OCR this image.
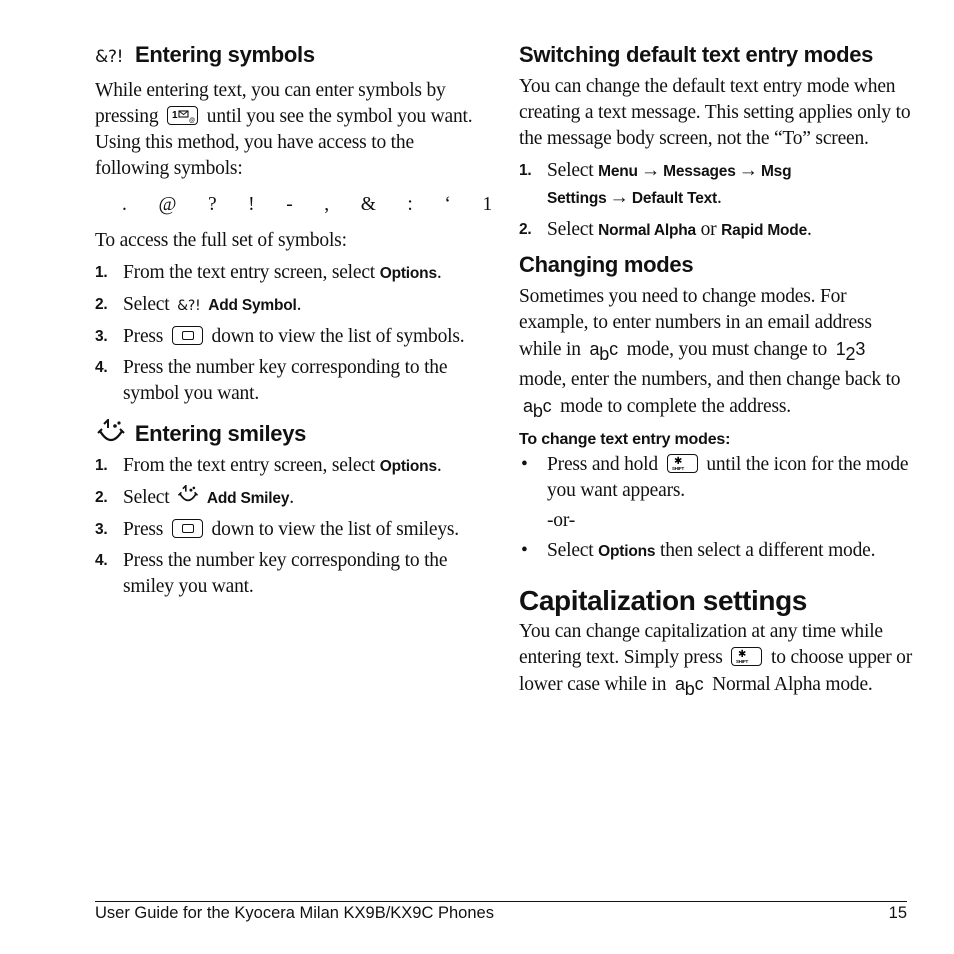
&?! Entering symbols

While entering text, you can enter symbols by pressing 1 @ until you see the symbol you want. Using this method, you have access to the following symbols:

. @ ? ! - , & : ‘ 1

To access the full set of symbols:

1. From the text entry screen, select Options.
2. Select &?! Add Symbol.
3. Press down to view the list of symbols.
4. Press the number key corresponding to the symbol you want.
Entering smileys
1. From the text entry screen, select Options.
2. Select Add Smiley.
3. Press down to view the list of smileys.
4. Press the number key corresponding to the smiley you want.
Switching default text entry modes

You can change the default text entry mode when creating a text message. This setting applies only to the message body screen, not the “To” screen.

1. Select Menu → Messages → Msg Settings → Default Text.
2. Select Normal Alpha or Rapid Mode.
Changing modes

Sometimes you need to change modes. For example, to enter numbers in an email address while in $a_bc$ mode, you must change to $1_23$ mode, enter the numbers, and then change back to $a_bc$ mode to complete the address.

To change text entry modes:
• Press and hold ✱
SHIFT until the icon for the mode you want appears.
-or-
• Select Options then select a different mode.
Capitalization settings

You can change capitalization at any time while entering text. Simply press ✱
SHIFT to choose upper or lower case while in $a_bc$ Normal Alpha mode.

User Guide for the Kyocera Milan KX9B/KX9C Phones	15
